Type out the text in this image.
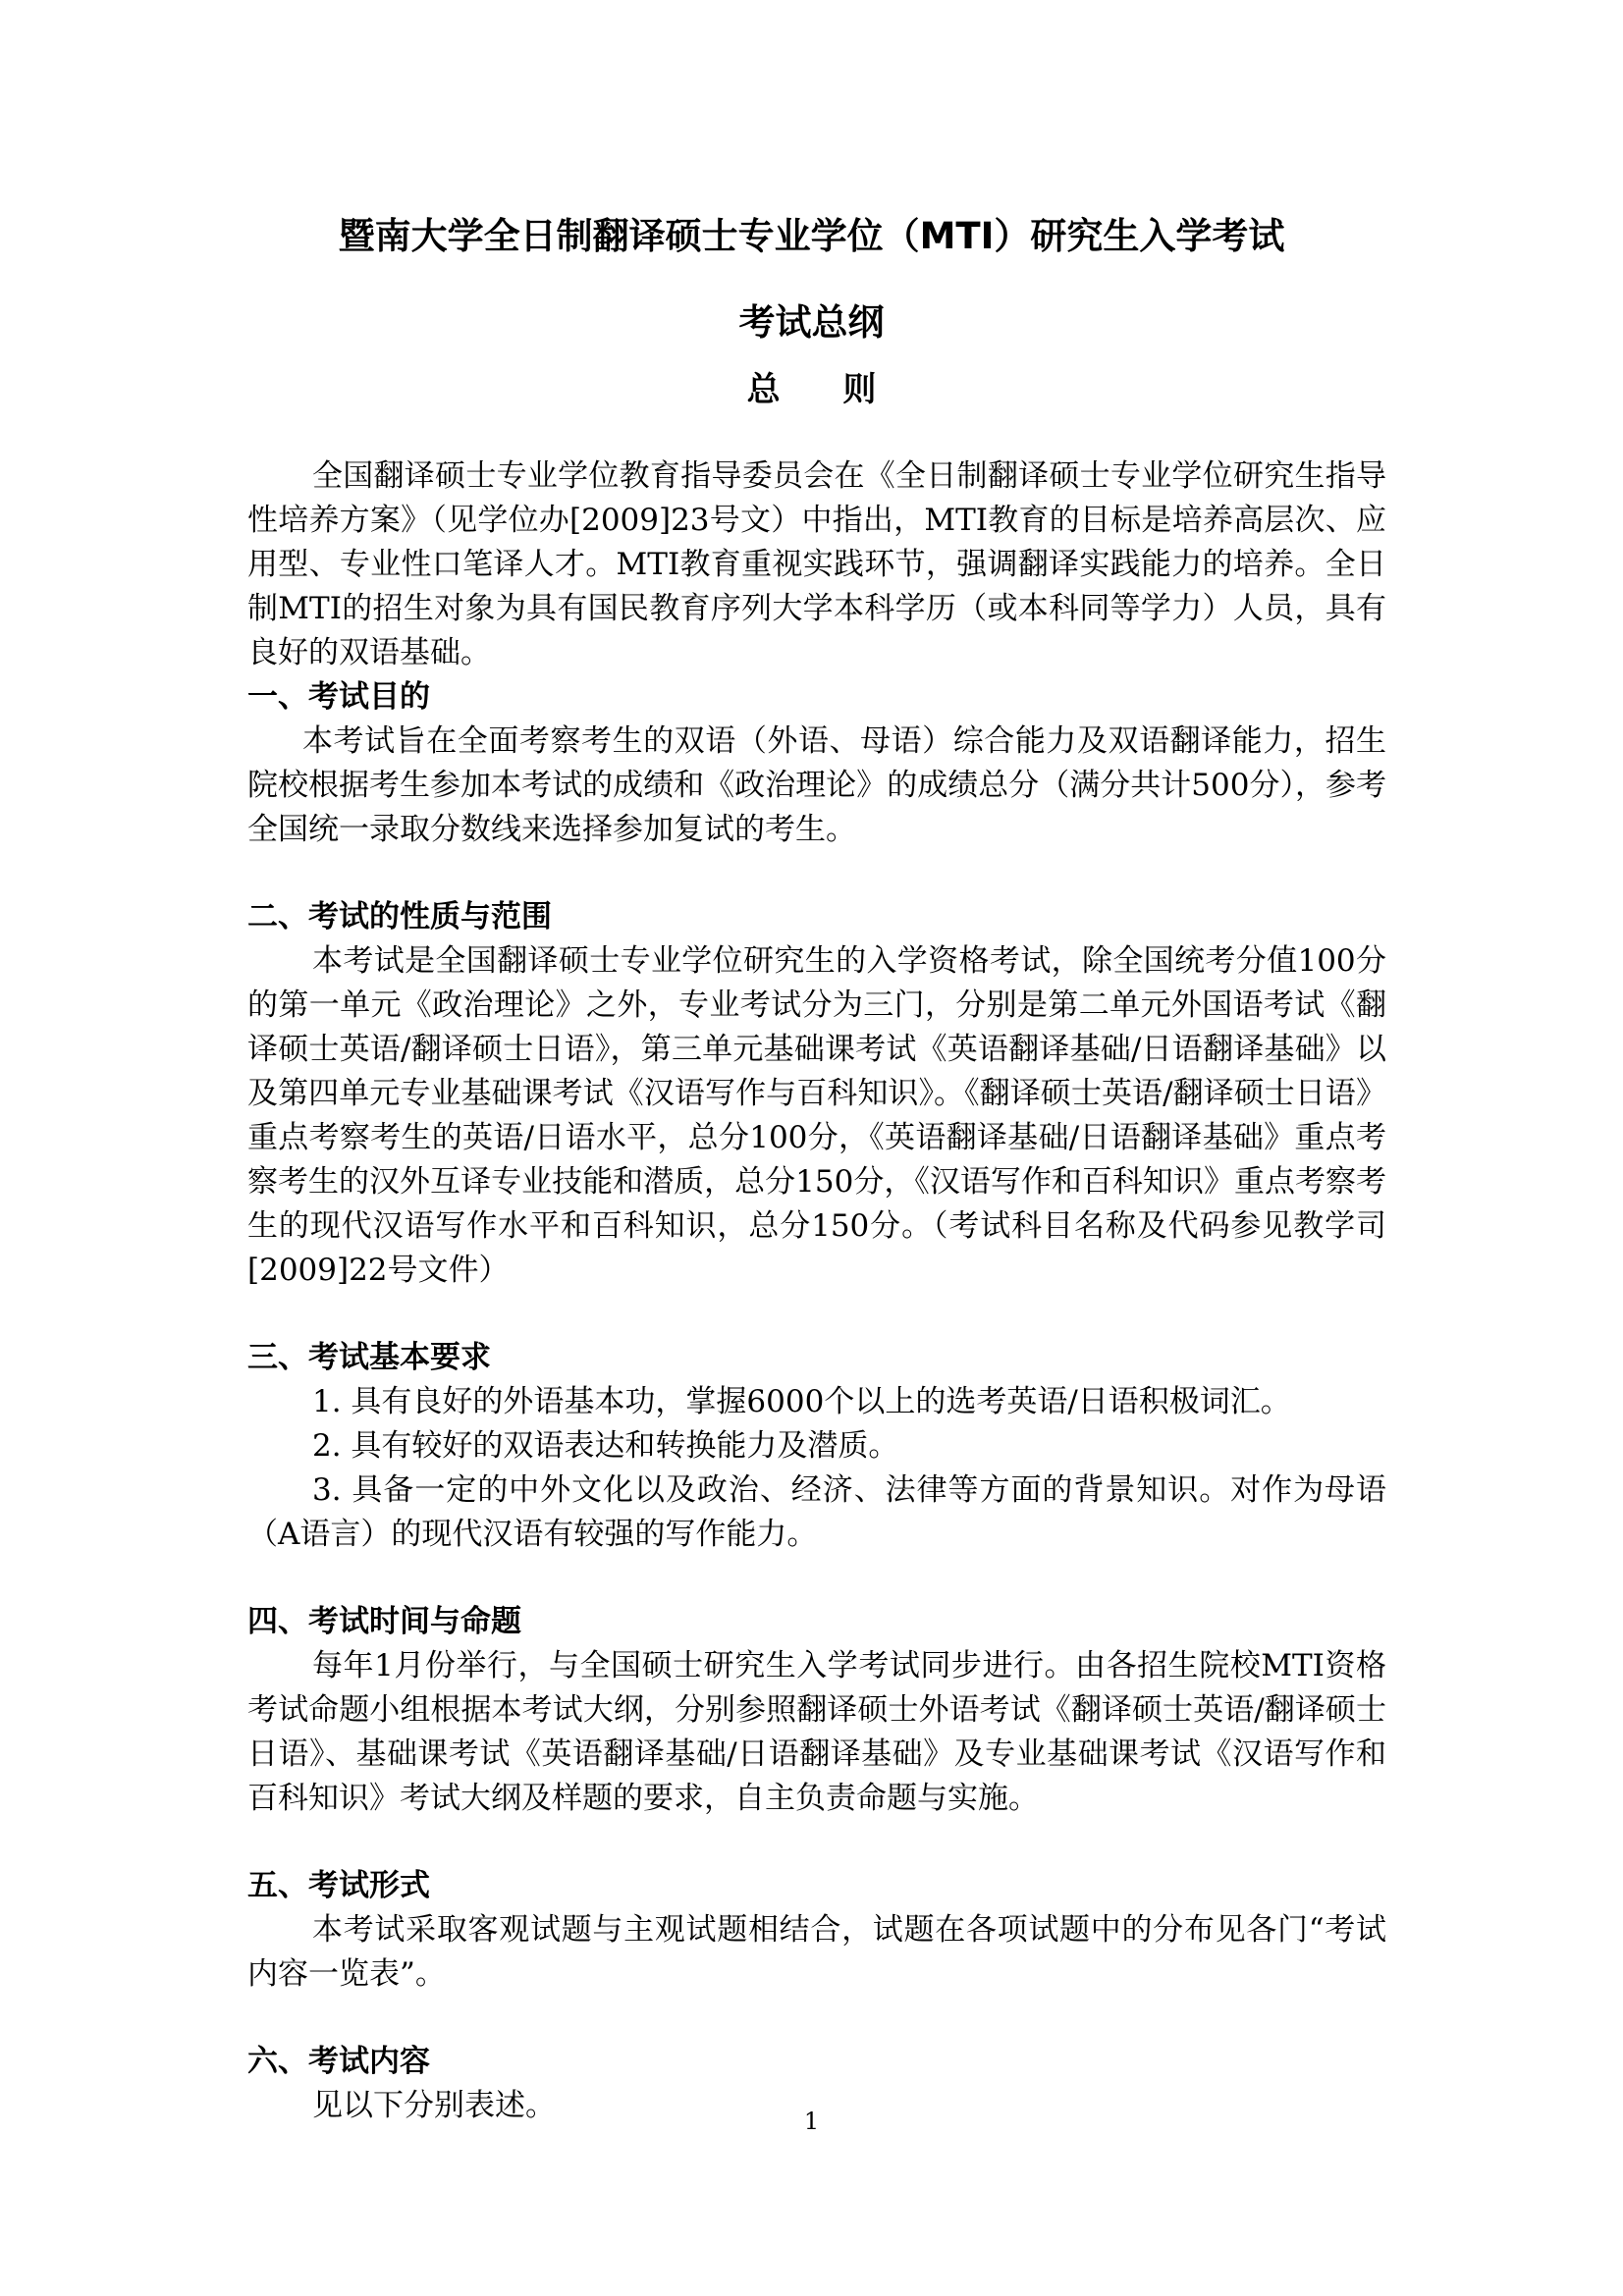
暨南大学全日制翻译硕士专业学位（MTI）研究生入学考试
考试总纲
总 则

全国翻译硕士专业学位教育指导委员会在《全日制翻译硕士专业学位研究生指导性培养方案》（见学位办[2009]23号文）中指出，MTI教育的目标是培养高层次、应用型、专业性口笔译人才。MTI教育重视实践环节，强调翻译实践能力的培养。全日制MTI的招生对象为具有国民教育序列大学本科学历（或本科同等学力）人员，具有良好的双语基础。

一、考试目的

本考试旨在全面考察考生的双语（外语、母语）综合能力及双语翻译能力，招生院校根据考生参加本考试的成绩和《政治理论》的成绩总分（满分共计500分），参考全国统一录取分数线来选择参加复试的考生。

二、考试的性质与范围

本考试是全国翻译硕士专业学位研究生的入学资格考试，除全国统考分值100分的第一单元《政治理论》之外，专业考试分为三门，分别是第二单元外国语考试《翻译硕士英语/翻译硕士日语》，第三单元基础课考试《英语翻译基础/日语翻译基础》以及第四单元专业基础课考试《汉语写作与百科知识》。《翻译硕士英语/翻译硕士日语》重点考察考生的英语/日语水平，总分100分，《英语翻译基础/日语翻译基础》重点考察考生的汉外互译专业技能和潜质，总分150分，《汉语写作和百科知识》重点考察考生的现代汉语写作水平和百科知识，总分150分。（考试科目名称及代码参见教学司[2009]22号文件）

三、考试基本要求

1. 具有良好的外语基本功，掌握6000个以上的选考英语/日语积极词汇。

2. 具有较好的双语表达和转换能力及潜质。

3. 具备一定的中外文化以及政治、经济、法律等方面的背景知识。对作为母语（A语言）的现代汉语有较强的写作能力。

四、考试时间与命题

每年1月份举行，与全国硕士研究生入学考试同步进行。由各招生院校MTI资格考试命题小组根据本考试大纲，分别参照翻译硕士外语考试《翻译硕士英语/翻译硕士日语》、基础课考试《英语翻译基础/日语翻译基础》及专业基础课考试《汉语写作和百科知识》考试大纲及样题的要求，自主负责命题与实施。

五、考试形式

本考试采取客观试题与主观试题相结合，试题在各项试题中的分布见各门“考试内容一览表”。

六、考试内容

见以下分别表述。	1
